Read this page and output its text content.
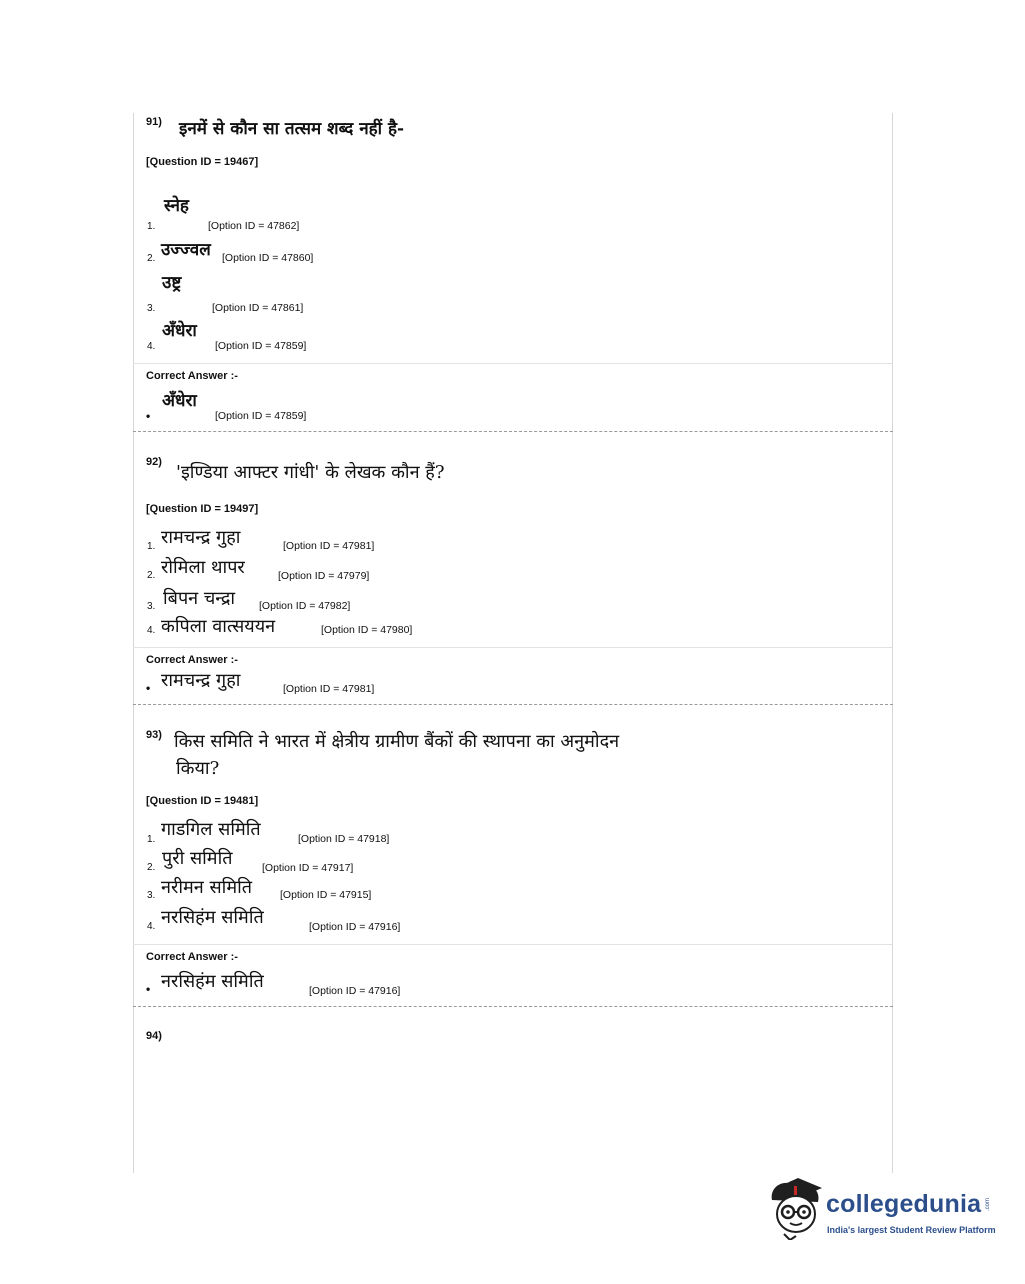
91) इनमें से कौन सा तत्सम शब्द नहीं है-
[Question ID = 19467]
स्नेह
1.	[Option ID = 47862]
उज्ज्वल
2.	[Option ID = 47860]
उष्ट्र
3.	[Option ID = 47861]
अँधेरा
4.	[Option ID = 47859]
Correct Answer :-
अँधेरा
•	[Option ID = 47859]
92) 'इण्डिया आफ्टर गांधी' के लेखक कौन हैं?
[Question ID = 19497]
1. रामचन्द्र गुहा	[Option ID = 47981]
2. रोमिला थापर	[Option ID = 47979]
3. बिपन चन्द्रा [Option ID = 47982]
4. कपिला वात्सययन	[Option ID = 47980]
Correct Answer :-
• रामचन्द्र गुहा	[Option ID = 47981]
93) किस समिति ने भारत में क्षेत्रीय ग्रामीण बैंकों की स्थापना का अनुमोदन
किया?
[Question ID = 19481]
1. गाडगिल समिति	[Option ID = 47918]
2. पुरी समिति	[Option ID = 47917]
3. नरीमन समिति	[Option ID = 47915]
4. नरसिहंम समिति	[Option ID = 47916]
Correct Answer :-
• नरसिहंम समिति	[Option ID = 47916]
94)
collegedunia .com
India's largest Student Review Platform
